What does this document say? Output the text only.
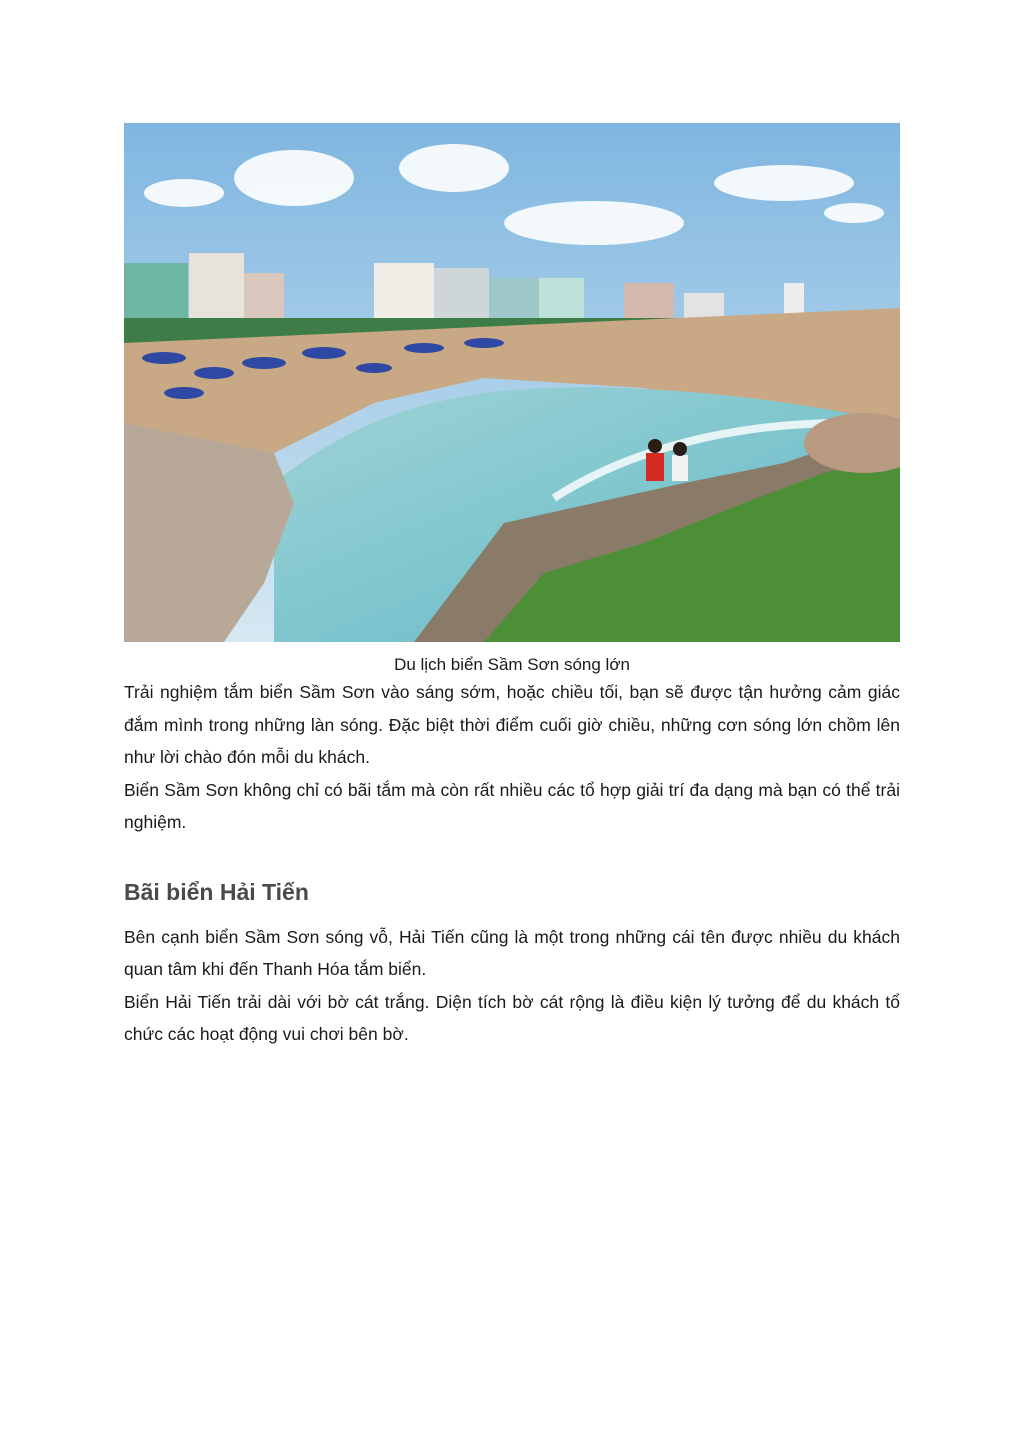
Du lịch biển Sầm Sơn sóng lớn

Trải nghiệm tắm biển Sầm Sơn vào sáng sớm, hoặc chiều tối, bạn sẽ được tận hưởng cảm giác đắm mình trong những làn sóng. Đặc biệt thời điểm cuối giờ chiều, những cơn sóng lớn chồm lên như lời chào đón mỗi du khách.

Biển Sầm Sơn không chỉ có bãi tắm mà còn rất nhiều các tổ hợp giải trí đa dạng mà bạn có thể trải nghiệm.

Bãi biển Hải Tiến

Bên cạnh biển Sầm Sơn sóng vỗ, Hải Tiến cũng là một trong những cái tên được nhiều du khách quan tâm khi đến Thanh Hóa tắm biển.

Biển Hải Tiến trải dài với bờ cát trắng. Diện tích bờ cát rộng là điều kiện lý tưởng để du khách tổ chức các hoạt động vui chơi bên bờ.
